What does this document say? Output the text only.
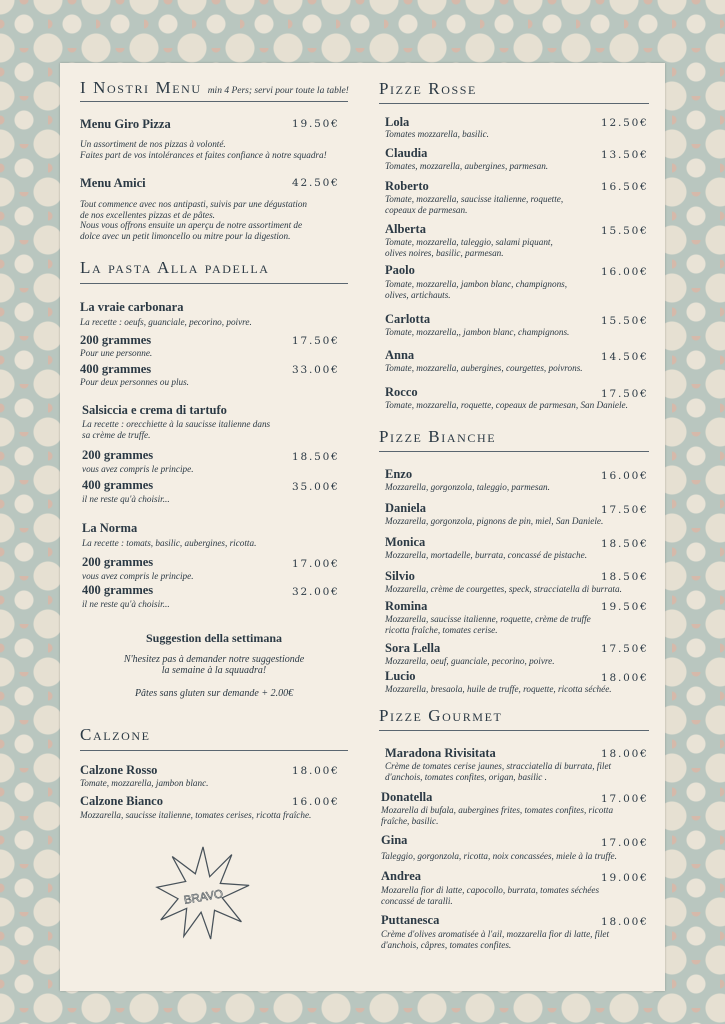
I Nostri Menu min 4 Pers; servi pour toute la table!
Menu Giro Pizza	19.50€
Un assortiment de nos pizzas à volonté.
Faites part de vos intolérances et faites confiance à notre squadra!
Menu Amici	42.50€
Tout commence avec nos antipasti, suivis par une dégustation
de nos excellentes pizzas et de pâtes.
Nous vous offrons ensuite un aperçu de notre assortiment de
dolce avec un petit limoncello ou mitre pour la digestion.
La pasta Alla padella
La vraie carbonara
La recette : oeufs, guanciale, pecorino, poivre.
200 grammes	17.50€
Pour une personne.
400 grammes	33.00€
Pour deux personnes ou plus.
Salsiccia e crema di tartufo
La recette : orecchiette à la saucisse italienne dans
sa crème de truffe.
200 grammes	18.50€
vous avez compris le principe.
400 grammes	35.00€
il ne reste qu'à choisir...
La Norma
La recette : tomats, basilic, aubergines, ricotta.
200 grammes	17.00€
vous avez compris le principe.
400 grammes	32.00€
il ne reste qu'à choisir...
Suggestion della settimana
N'hesitez pas à demander notre suggestionde
la semaine à la squuadra!
Pâtes sans gluten sur demande + 2.00€
Calzone
Calzone Rosso	18.00€
Tomate, mozzarella, jambon blanc.
Calzone Bianco	16.00€
Mozzarella, saucisse italienne, tomates cerises, ricotta fraîche.
BRAVO
Pizze Rosse
Lola	12.50€
Tomates mozzarella, basilic.
Claudia	13.50€
Tomates, mozzarella, aubergines, parmesan.
Roberto	16.50€
Tomate, mozzarella, saucisse italienne, roquette,
copeaux de parmesan.
Alberta	15.50€
Tomate, mozzarella, taleggio, salami piquant,
olives noires, basilic, parmesan.
Paolo	16.00€
Tomate, mozzarella, jambon blanc, champignons,
olives, artichauts.
Carlotta	15.50€
Tomate, mozzarella,, jambon blanc, champignons.
Anna	14.50€
Tomate, mozzarella, aubergines, courgettes, poivrons.
Rocco	17.50€
Tomate, mozzarella, roquette, copeaux de parmesan, San Daniele.
Pizze Bianche
Enzo	16.00€
Mozzarella, gorgonzola, taleggio, parmesan.
Daniela	17.50€
Mozzarella, gorgonzola, pignons de pin, miel, San Daniele.
Monica	18.50€
Mozzarella, mortadelle, burrata, concassé de pistache.
Silvio	18.50€
Mozzarella, crème de courgettes, speck, stracciatella di burrata.
Romina	19.50€
Mozzarella, saucisse italienne, roquette, crème de truffe
ricotta fraîche, tomates cerise.
Sora Lella	17.50€
Mozzarella, oeuf, guanciale, pecorino, poivre.
Lucio	18.00€
Mozzarella, bresaola, huile de truffe, roquette, ricotta séchée.
Pizze Gourmet
Maradona Rivisitata	18.00€
Crème de tomates cerise jaunes, stracciatella di burrata, filet
d'anchois, tomates confites, origan, basilic .
Donatella	17.00€
Mozarella di bufala, aubergines frites, tomates confites, ricotta
fraîche, basilic.
Gina	17.00€
Taleggio, gorgonzola, ricotta, noix concassées, miele à la truffe.
Andrea	19.00€
Mozarella fior di latte, capocollo, burrata, tomates séchées
concassé de taralli.
Puttanesca	18.00€
Crème d'olives aromatisée à l'ail, mozzarella fior di latte, filet
d'anchois, câpres, tomates confites.
